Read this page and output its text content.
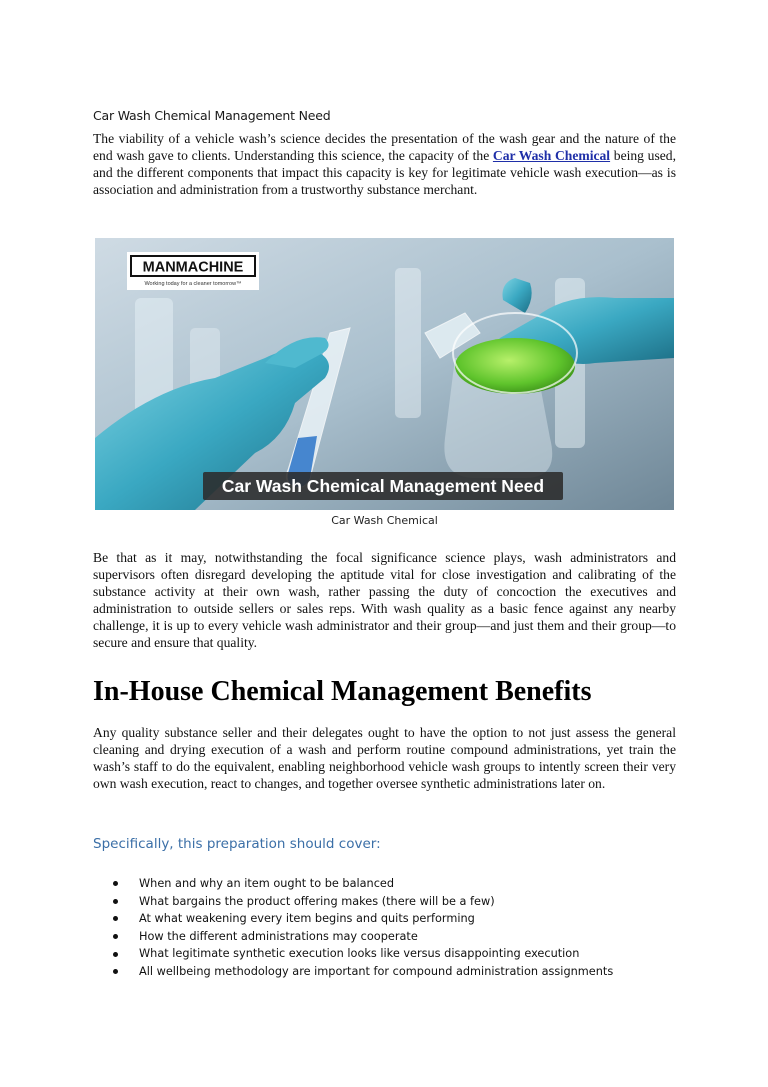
Car Wash Chemical Management Need

The viability of a vehicle wash’s science decides the presentation of the wash gear and the nature of the end wash gave to clients. Understanding this science, the capacity of the Car Wash Chemical being used, and the different components that impact this capacity is key for legitimate vehicle wash execution—as is association and administration from a trustworthy substance merchant.

Car Wash Chemical Management Need
MANMACHINE
Working today for a cleaner tomorrow™
Car Wash Chemical

Be that as it may, notwithstanding the focal significance science plays, wash administrators and supervisors often disregard developing the aptitude vital for close investigation and calibrating of the substance activity at their own wash, rather passing the duty of concoction the executives and administration to outside sellers or sales reps. With wash quality as a basic fence against any nearby challenge, it is up to every vehicle wash administrator and their group—and just them and their group—to secure and ensure that quality.

In-House Chemical Management Benefits

Any quality substance seller and their delegates ought to have the option to not just assess the general cleaning and drying execution of a wash and perform routine compound administrations, yet train the wash’s staff to do the equivalent, enabling neighborhood vehicle wash groups to intently screen their very own wash execution, react to changes, and together oversee synthetic administrations later on.

Specifically, this preparation should cover:
When and why an item ought to be balanced
What bargains the product offering makes (there will be a few)
At what weakening every item begins and quits performing
How the different administrations may cooperate
What legitimate synthetic execution looks like versus disappointing execution
All wellbeing methodology are important for compound administration assignments
